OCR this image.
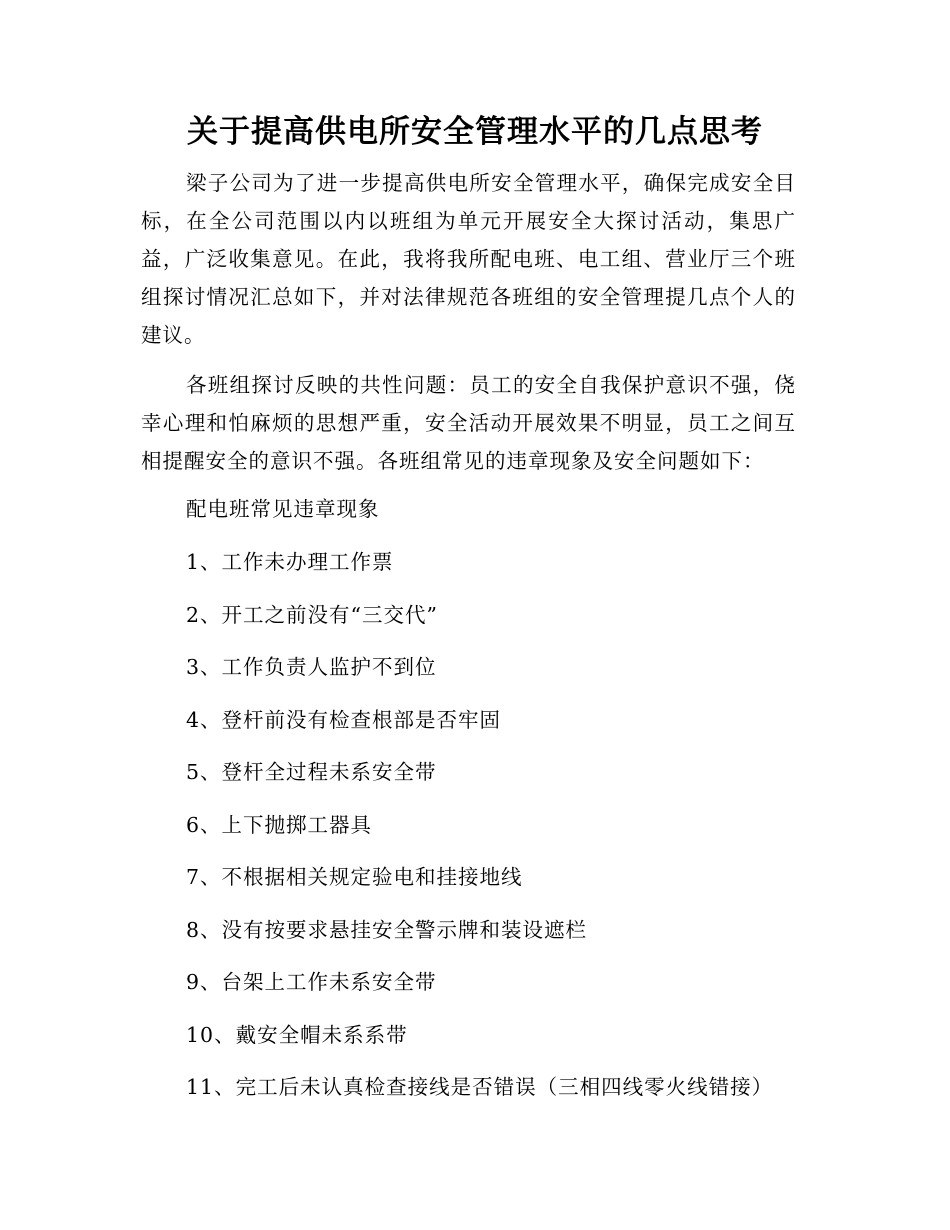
关于提高供电所安全管理水平的几点思考

梁子公司为了进一步提高供电所安全管理水平，确保完成安全目标，在全公司范围以内以班组为单元开展安全大探讨活动，集思广益，广泛收集意见。在此，我将我所配电班、电工组、营业厅三个班组探讨情况汇总如下，并对法律规范各班组的安全管理提几点个人的建议。

各班组探讨反映的共性问题：员工的安全自我保护意识不强，侥幸心理和怕麻烦的思想严重，安全活动开展效果不明显，员工之间互相提醒安全的意识不强。各班组常见的违章现象及安全问题如下：

配电班常见违章现象

1、工作未办理工作票
2、开工之前没有“三交代”
3、工作负责人监护不到位
4、登杆前没有检查根部是否牢固
5、登杆全过程未系安全带
6、上下抛掷工器具
7、不根据相关规定验电和挂接地线
8、没有按要求悬挂安全警示牌和装设遮栏
9、台架上工作未系安全带
10、戴安全帽未系系带
11、完工后未认真检查接线是否错误（三相四线零火线错接）
